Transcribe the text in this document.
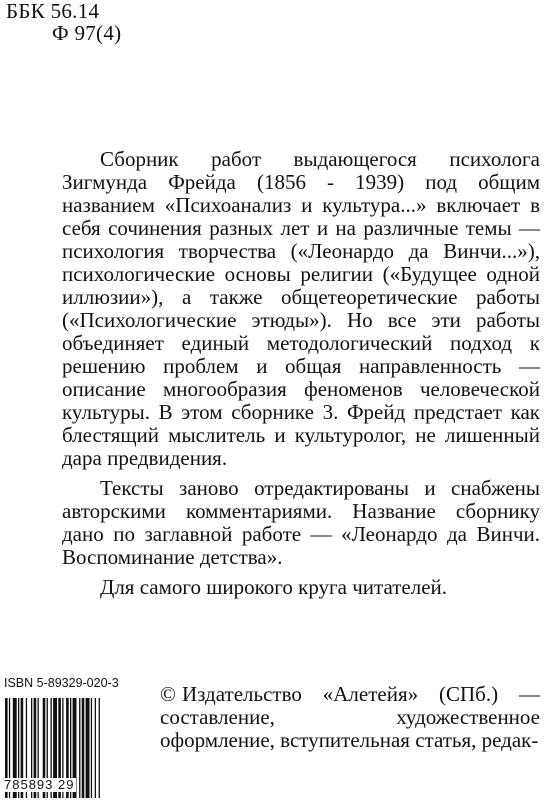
ББК 56.14
Ф 97(4)

Сборник работ выдающегося психолога Зигмунда Фрейда (1856 - 1939) под общим названием «Психоанализ и культура...» включает в себя сочинения разных лет и на различные темы — психология творчества («Леонардо да Винчи...»), психологические основы религии («Будущее одной иллюзии»), а также общетеоретические работы («Психологические этюды»). Но все эти работы объединяет единый методологический подход к решению проблем и общая направленность — описание многообразия феноменов человеческой культуры. В этом сборнике 3. Фрейд предстает как блестящий мыслитель и культуролог, не лишенный дара предвидения.

Тексты заново отредактированы и снабжены авторскими комментариями. Название сборнику дано по заглавной работе — «Леонардо да Винчи. Воспоминание детства».

Для самого широкого круга читателей.

ISBN 5-89329-020-3
785893 29
© Издательство «Алетейя» (СПб.) — составление, художественное оформление, вступительная статья, редак-
